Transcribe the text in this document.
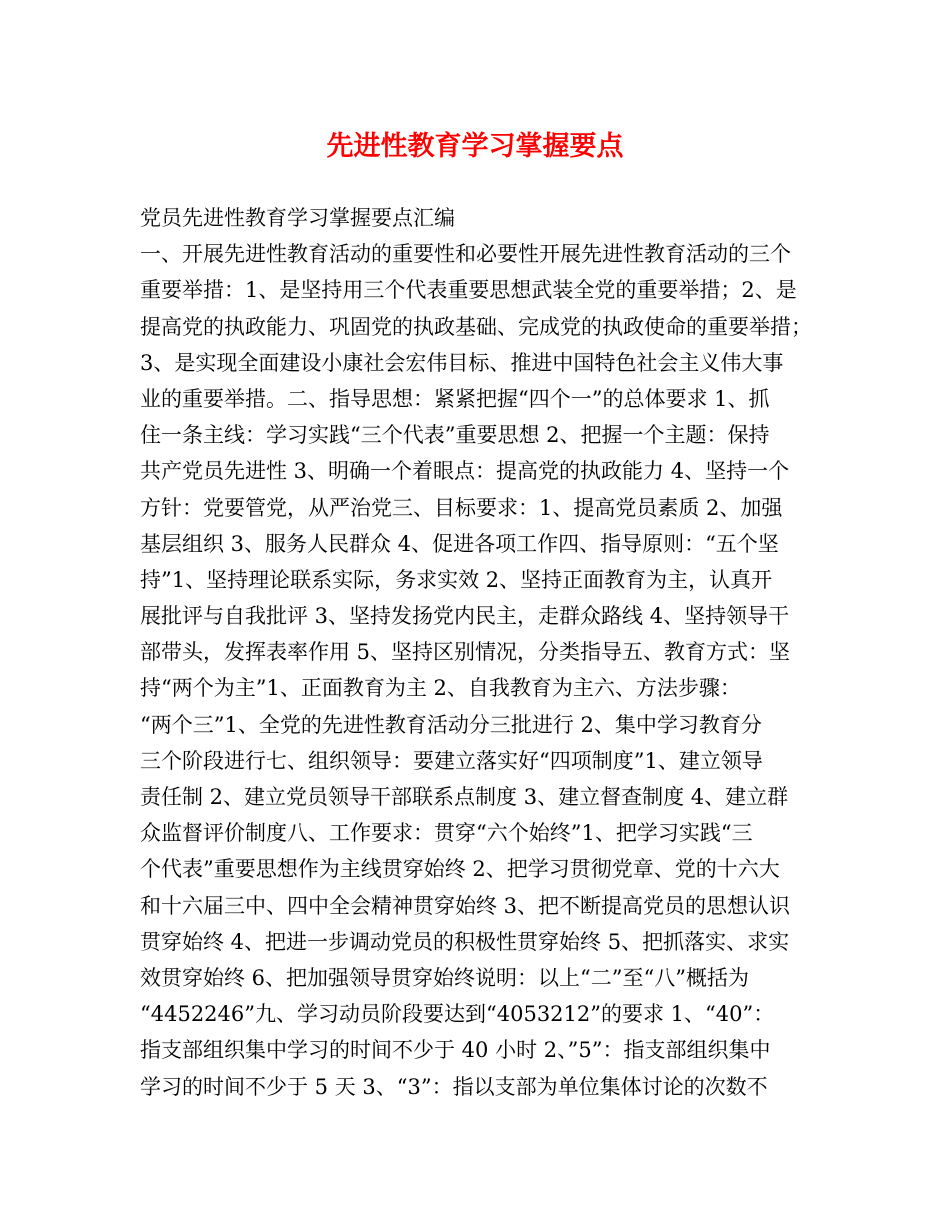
先进性教育学习掌握要点
党员先进性教育学习掌握要点汇编
一、开展先进性教育活动的重要性和必要性开展先进性教育活动的三个
重要举措：1、是坚持用三个代表重要思想武装全党的重要举措；2、是
提高党的执政能力、巩固党的执政基础、完成党的执政使命的重要举措；
3、是实现全面建设小康社会宏伟目标、推进中国特色社会主义伟大事
业的重要举措。二、指导思想：紧紧把握“四个一”的总体要求 1、抓
住一条主线：学习实践“三个代表”重要思想 2、把握一个主题：保持
共产党员先进性 3、明确一个着眼点：提高党的执政能力 4、坚持一个
方针：党要管党，从严治党三、目标要求：1、提高党员素质 2、加强
基层组织 3、服务人民群众 4、促进各项工作四、指导原则：“五个坚
持”1、坚持理论联系实际，务求实效 2、坚持正面教育为主，认真开
展批评与自我批评 3、坚持发扬党内民主，走群众路线 4、坚持领导干
部带头，发挥表率作用 5、坚持区别情况，分类指导五、教育方式：坚
持“两个为主”1、正面教育为主 2、自我教育为主六、方法步骤：
“两个三”1、全党的先进性教育活动分三批进行 2、集中学习教育分
三个阶段进行七、组织领导：要建立落实好“四项制度”1、建立领导
责任制 2、建立党员领导干部联系点制度 3、建立督查制度 4、建立群
众监督评价制度八、工作要求：贯穿“六个始终”1、把学习实践“三
个代表”重要思想作为主线贯穿始终 2、把学习贯彻党章、党的十六大
和十六届三中、四中全会精神贯穿始终 3、把不断提高党员的思想认识
贯穿始终 4、把进一步调动党员的积极性贯穿始终 5、把抓落实、求实
效贯穿始终 6、把加强领导贯穿始终说明：以上“二”至“八”概括为
“4452246”九、学习动员阶段要达到“4053212”的要求 1、“40”：
指支部组织集中学习的时间不少于 40 小时 2、”5”：指支部组织集中
学习的时间不少于 5 天 3、“3”：指以支部为单位集体讨论的次数不
